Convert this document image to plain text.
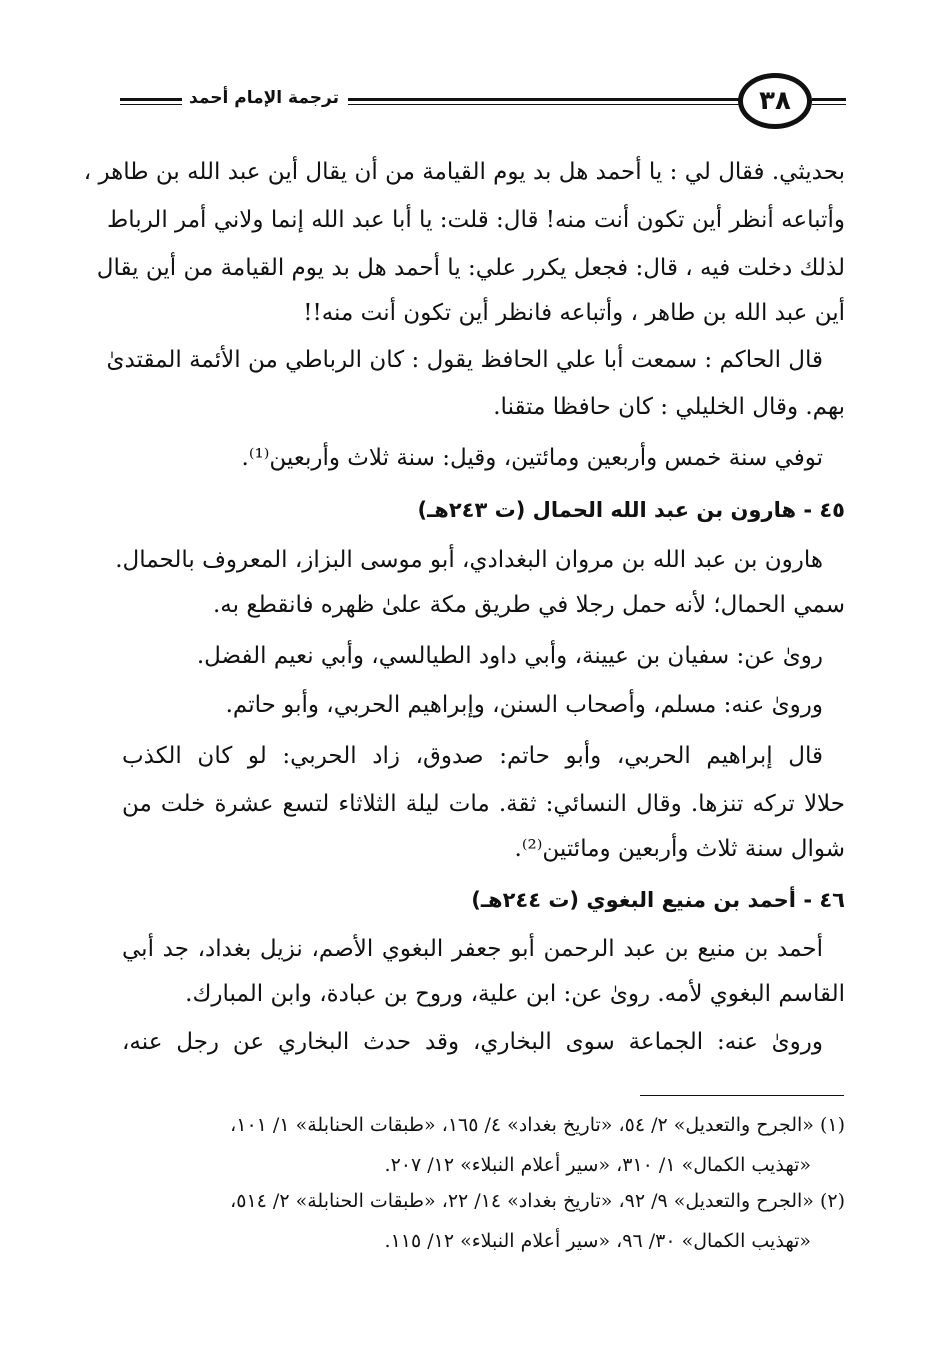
٣٨
ترجمة الإمام أحمد
بحديثي. فقال لي : يا أحمد هل بد يوم القيامة من أن يقال أين عبد الله بن طاهر ،
وأتباعه أنظر أين تكون أنت منه! قال: قلت: يا أبا عبد الله إنما ولاني أمر الرباط
لذلك دخلت فيه ، قال: فجعل يكرر علي: يا أحمد هل بد يوم القيامة من أين يقال
أين عبد الله بن طاهر ، وأتباعه فانظر أين تكون أنت منه!!
قال الحاكم : سمعت أبا علي الحافظ يقول : كان الرباطي من الأئمة المقتدىٰ
بهم. وقال الخليلي : كان حافظا متقنا.
توفي سنة خمس وأربعين ومائتين، وقيل: سنة ثلاث وأربعين⁽¹⁾.
٤٥ - هارون بن عبد الله الحمال (ت ٢٤٣هـ)
هارون بن عبد الله بن مروان البغدادي، أبو موسى البزاز، المعروف بالحمال.
سمي الحمال؛ لأنه حمل رجلا في طريق مكة علىٰ ظهره فانقطع به.
روىٰ عن: سفيان بن عيينة، وأبي داود الطيالسي، وأبي نعيم الفضل.
وروىٰ عنه: مسلم، وأصحاب السنن، وإبراهيم الحربي، وأبو حاتم.
قال إبراهيم الحربي، وأبو حاتم: صدوق، زاد الحربي: لو كان الكذب
حلالا تركه تنزها. وقال النسائي: ثقة. مات ليلة الثلاثاء لتسع عشرة خلت من
شوال سنة ثلاث وأربعين ومائتين⁽²⁾.
٤٦ - أحمد بن منيع البغوي (ت ٢٤٤هـ)
أحمد بن منيع بن عبد الرحمن أبو جعفر البغوي الأصم، نزيل بغداد، جد أبي
القاسم البغوي لأمه. روىٰ عن: ابن علية، وروح بن عبادة، وابن المبارك.
وروىٰ عنه: الجماعة سوى البخاري، وقد حدث البخاري عن رجل عنه،
(١) «الجرح والتعديل» ٢/ ٥٤، «تاريخ بغداد» ٤/ ١٦٥، «طبقات الحنابلة» ١/ ١٠١،
«تهذيب الكمال» ١/ ٣١٠، «سير أعلام النبلاء» ١٢/ ٢٠٧.
(٢) «الجرح والتعديل» ٩/ ٩٢، «تاريخ بغداد» ١٤/ ٢٢، «طبقات الحنابلة» ٢/ ٥١٤،
«تهذيب الكمال» ٣٠/ ٩٦، «سير أعلام النبلاء» ١٢/ ١١٥.
